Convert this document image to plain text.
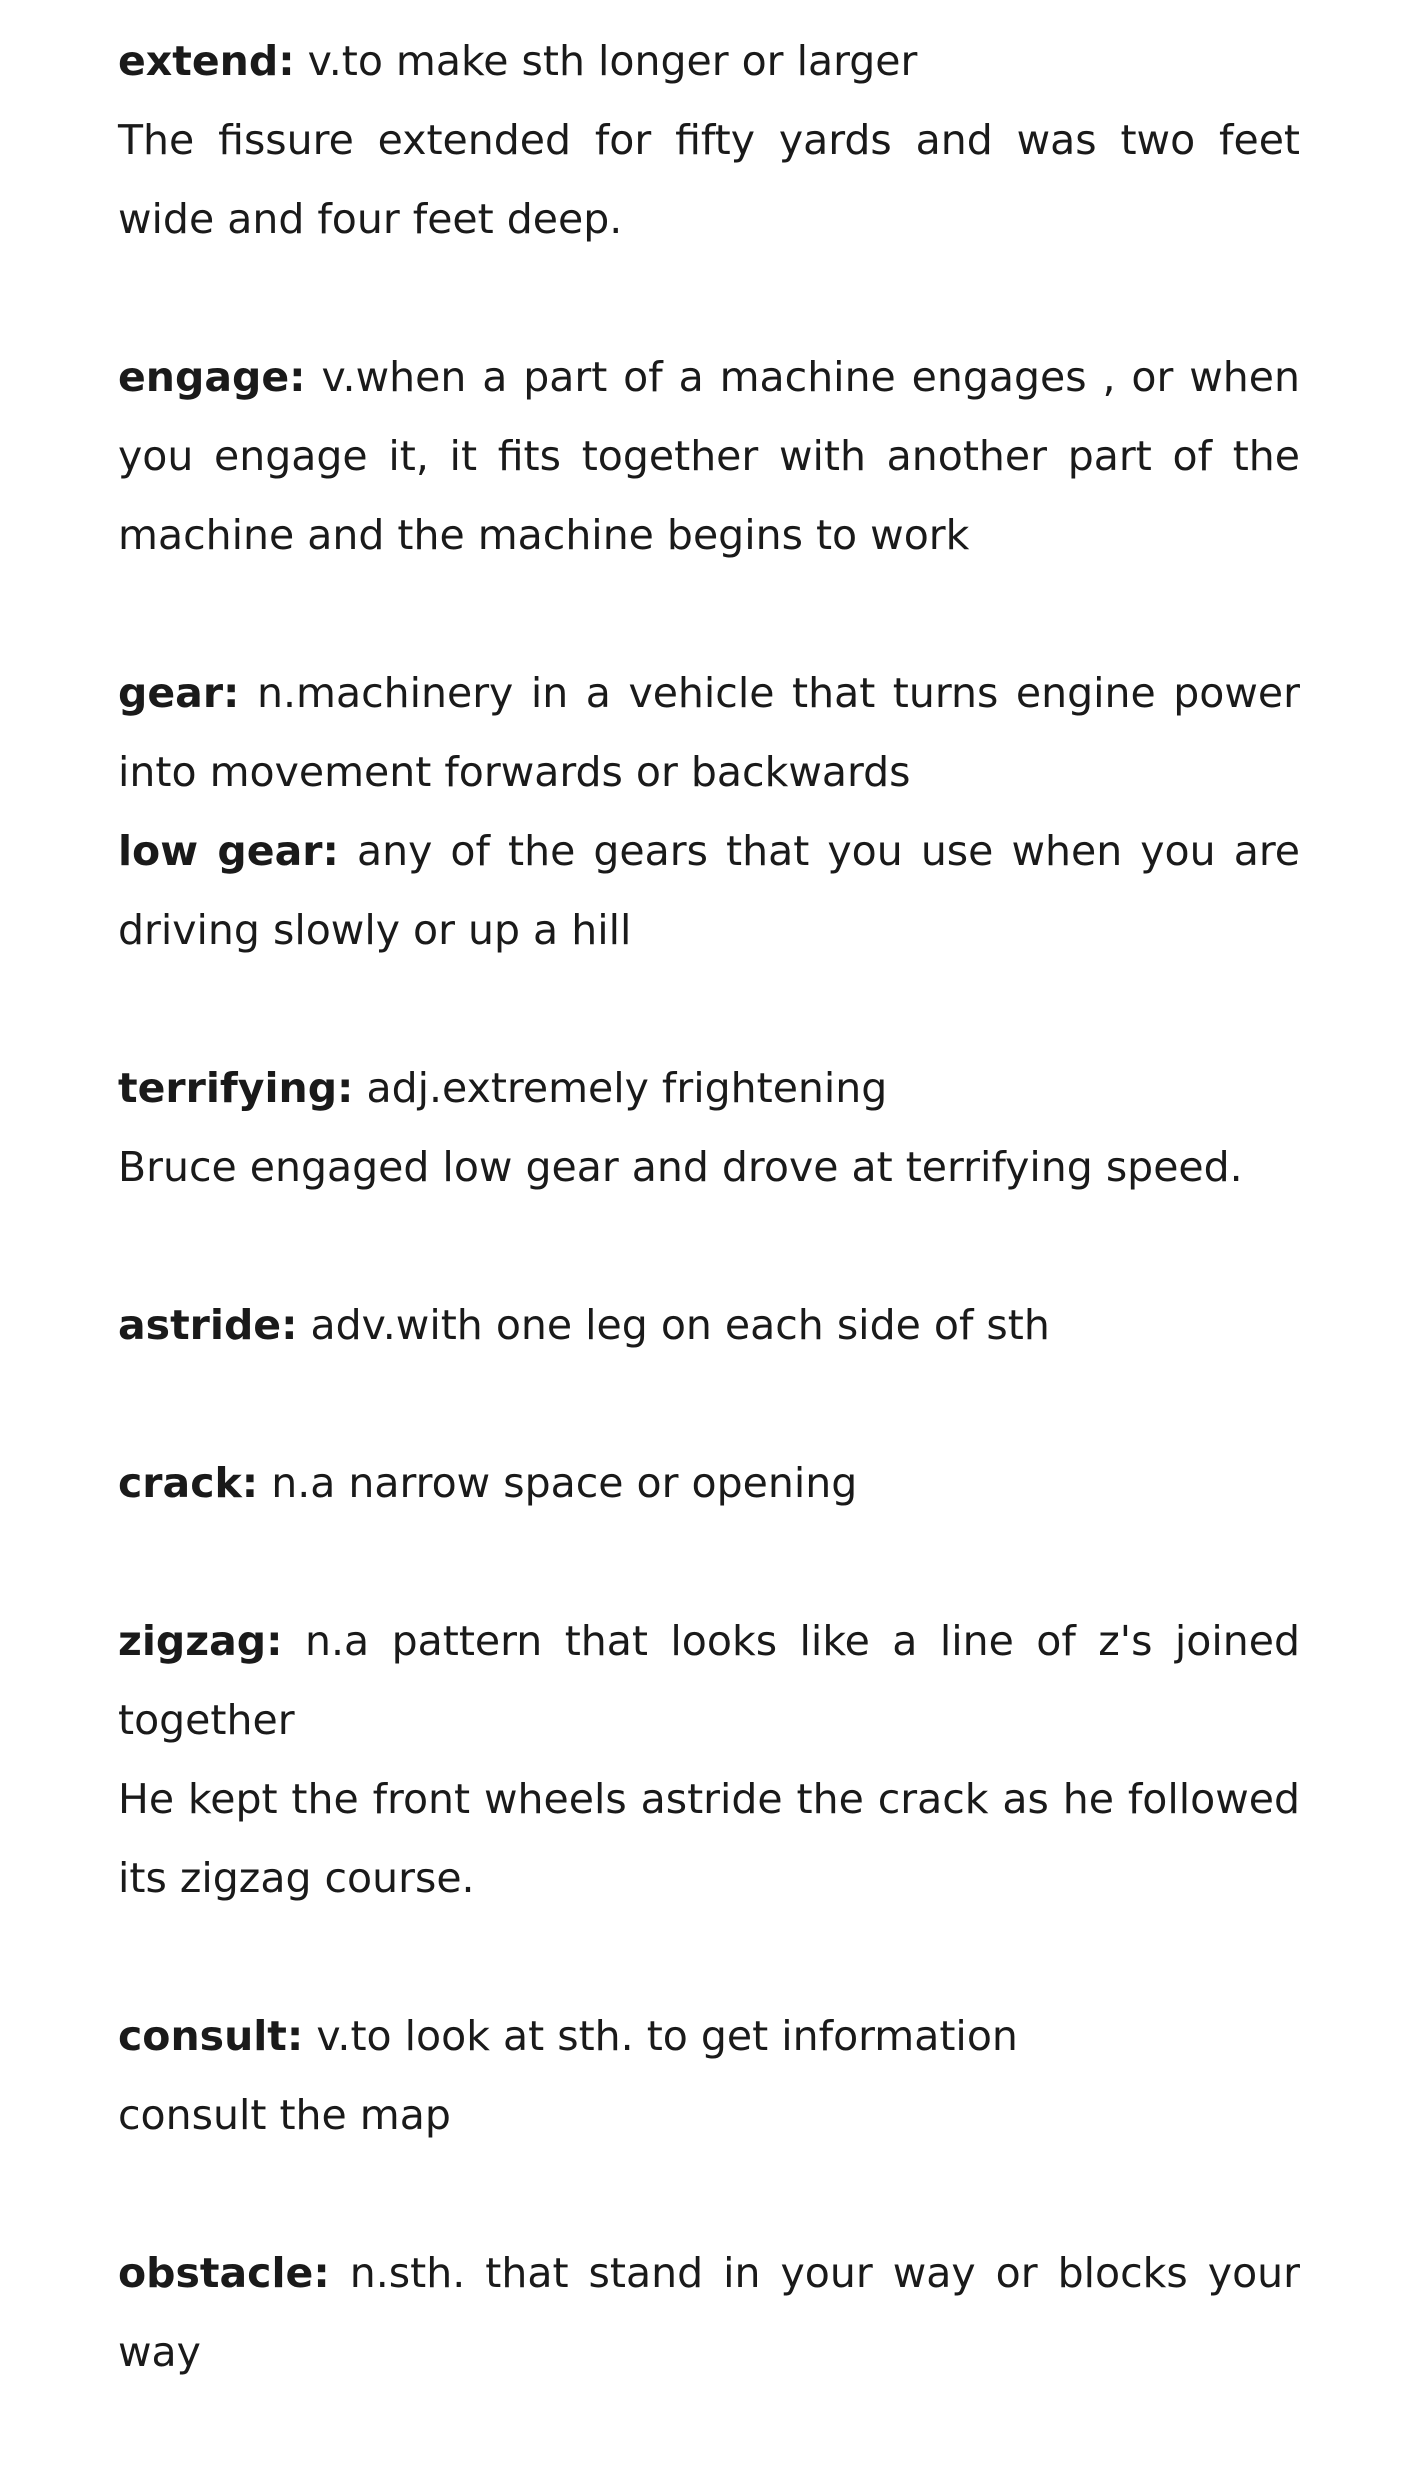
extend: v.to make sth longer or larger

The fissure extended for fifty yards and was two feet wide and four feet deep.

engage: v.when a part of a machine engages , or when you engage it, it fits together with another part of the machine and the machine begins to work

gear: n.machinery in a vehicle that turns engine power into movement forwards or backwards

low gear: any of the gears that you use when you are driving slowly or up a hill

terrifying: adj.extremely frightening

Bruce engaged low gear and drove at terrifying speed.

astride: adv.with one leg on each side of sth

crack: n.a narrow space or opening

zigzag: n.a pattern that looks like a line of z's joined together

He kept the front wheels astride the crack as he followed its zigzag course.

consult: v.to look at sth. to get information

consult the map

obstacle: n.sth. that stand in your way or blocks your way
